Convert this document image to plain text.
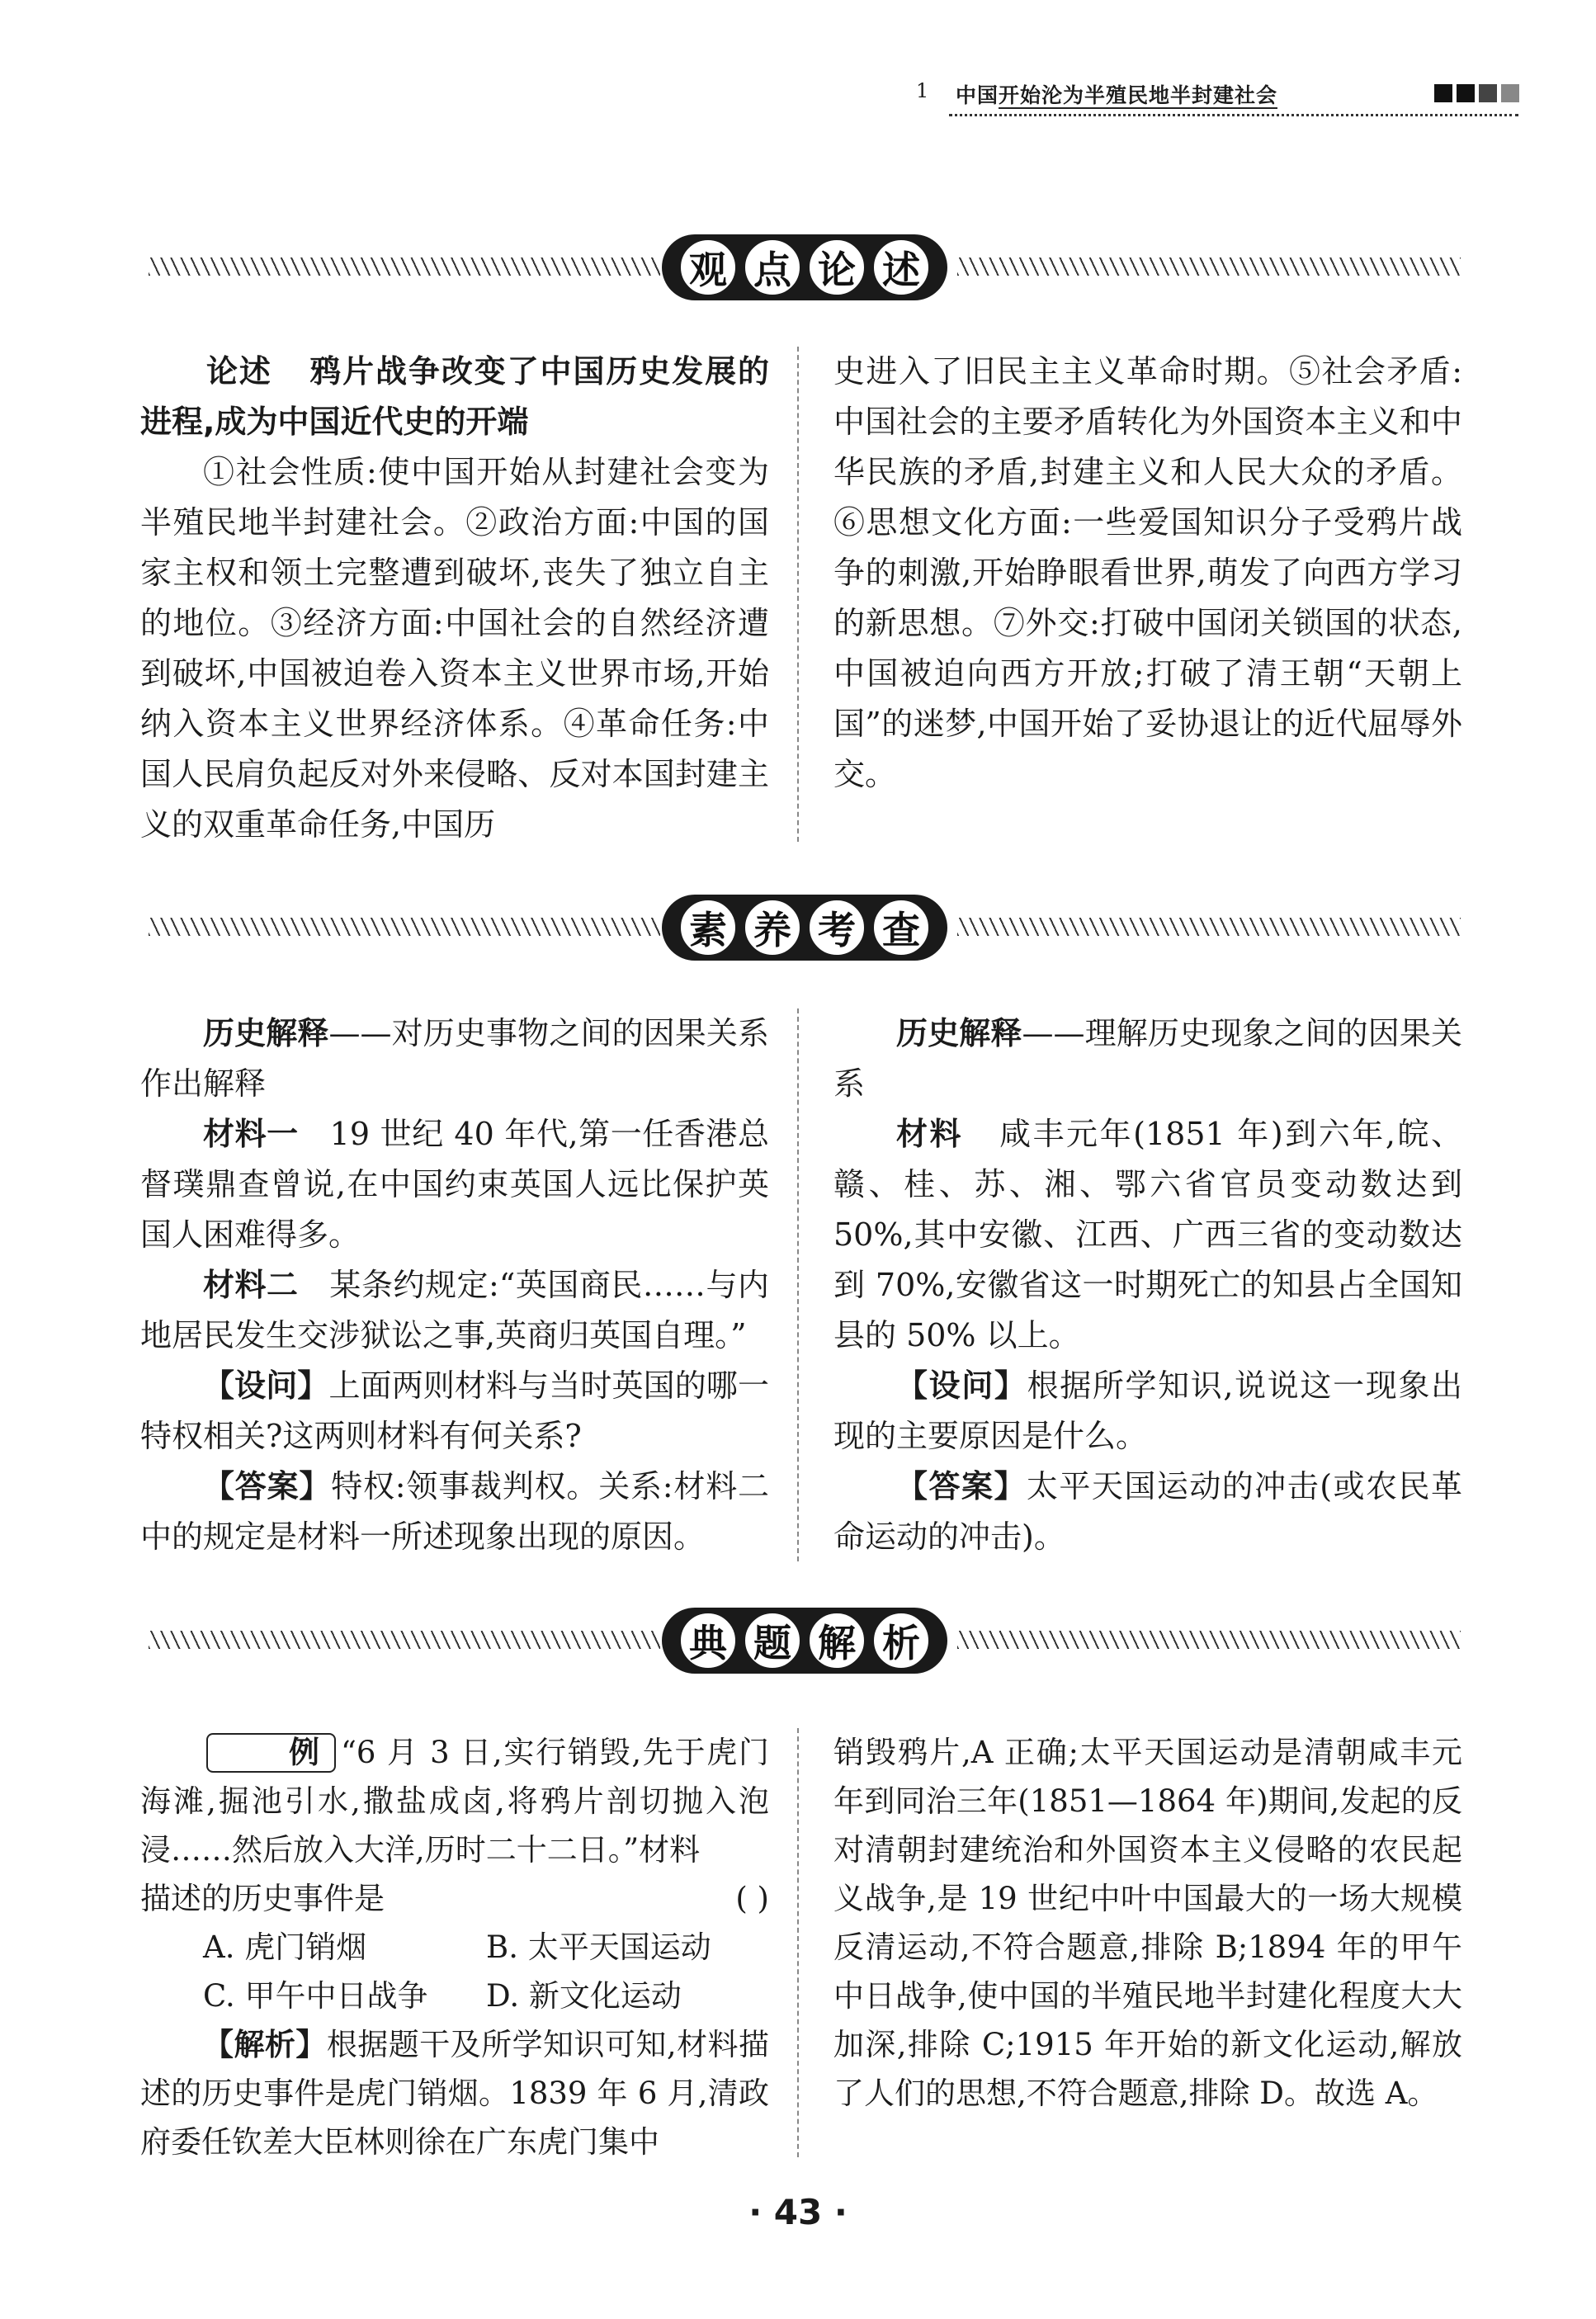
1 中国开始沦为半殖民地半封建社会
观 点 论 述

论述 鸦片战争改变了中国历史发展的进程,成为中国近代史的开端

①社会性质:使中国开始从封建社会变为半殖民地半封建社会。②政治方面:中国的国家主权和领土完整遭到破坏,丧失了独立自主的地位。③经济方面:中国社会的自然经济遭到破坏,中国被迫卷入资本主义世界市场,开始纳入资本主义世界经济体系。④革命任务:中国人民肩负起反对外来侵略、反对本国封建主义的双重革命任务,中国历

史进入了旧民主主义革命时期。⑤社会矛盾:中国社会的主要矛盾转化为外国资本主义和中华民族的矛盾,封建主义和人民大众的矛盾。⑥思想文化方面:一些爱国知识分子受鸦片战争的刺激,开始睁眼看世界,萌发了向西方学习的新思想。⑦外交:打破中国闭关锁国的状态,中国被迫向西方开放;打破了清王朝“天朝上国”的迷梦,中国开始了妥协退让的近代屈辱外交。

素 养 考 查

历史解释——对历史事物之间的因果关系作出解释

材料一 19 世纪 40 年代,第一任香港总督璞鼎查曾说,在中国约束英国人远比保护英国人困难得多。

材料二 某条约规定:“英国商民……与内地居民发生交涉狱讼之事,英商归英国自理。”

【设问】上面两则材料与当时英国的哪一特权相关?这两则材料有何关系?

【答案】特权:领事裁判权。关系:材料二中的规定是材料一所述现象出现的原因。

历史解释——理解历史现象之间的因果关系

材料 咸丰元年(1851 年)到六年,皖、赣、桂、苏、湘、鄂六省官员变动数达到 50%,其中安徽、江西、广西三省的变动数达到 70%,安徽省这一时期死亡的知县占全国知县的 50% 以上。

【设问】根据所学知识,说说这一现象出现的主要原因是什么。

【答案】太平天国运动的冲击(或农民革命运动的冲击)。

典 题 解 析

例 “6 月 3 日,实行销毁,先于虎门海滩,掘池引水,撒盐成卤,将鸦片剖切抛入泡浸……然后放入大洋,历时二十二日。”材料

描述的历史事件是	( )

A. 虎门销烟	B. 太平天国运动

C. 甲午中日战争	D. 新文化运动

【解析】根据题干及所学知识可知,材料描述的历史事件是虎门销烟。1839 年 6 月,清政府委任钦差大臣林则徐在广东虎门集中

销毁鸦片,A 正确;太平天国运动是清朝咸丰元年到同治三年(1851—1864 年)期间,发起的反对清朝封建统治和外国资本主义侵略的农民起义战争,是 19 世纪中叶中国最大的一场大规模反清运动,不符合题意,排除 B;1894 年的甲午中日战争,使中国的半殖民地半封建化程度大大加深,排除 C;1915 年开始的新文化运动,解放了人们的思想,不符合题意,排除 D。故选 A。

· 43 ·
